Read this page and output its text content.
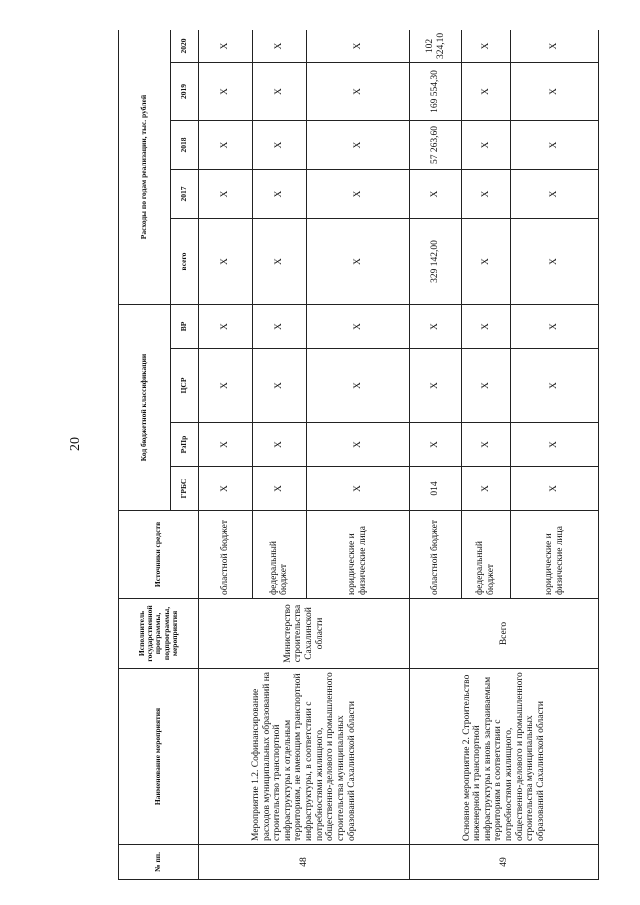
20
№ пп.	Наименование мероприятия	Исполнитель государственной программы, подпрограммы, мероприятия	Источники средств	Код бюджетной классификации				Расходы по годам реализации, тыс. рублей				
				ГРБС	РзПр	ЦСР	ВР	всего	2017	2018	2019	2020
48	Мероприятие 1.2. Софинансирование расходов муниципальных образований на строительство транспортной инфраструктуры к отдельным территориям, не имеющим транспортной инфраструктуры, в соответствии с потребностями жилищного, общественно-делового и промышленного строительства муниципальных образований Сахалинской области	Министерство строительства Сахалинской области	областной бюджет	X	X	X	X	X	X	X	X	X
			федеральный бюджет	X	X	X	X	X	X	X	X	X
			юридические и физические лица	X	X	X	X	X	X	X	X	X
49	Основное мероприятие 2. Строительство инженерной и транспортной инфраструктуры к вновь застраиваемым территориям в соответствии с потребностями жилищного, общественно-делового и промышленного строительства муниципальных образований Сахалинской области	Всего	областной бюджет	014	X	X	X	329 142,00	X	57 263,60	169 554,30	102 324,10
			федеральный бюджет	X	X	X	X	X	X	X	X	X
			юридические и физические лица	X	X	X	X	X	X	X	X	X
